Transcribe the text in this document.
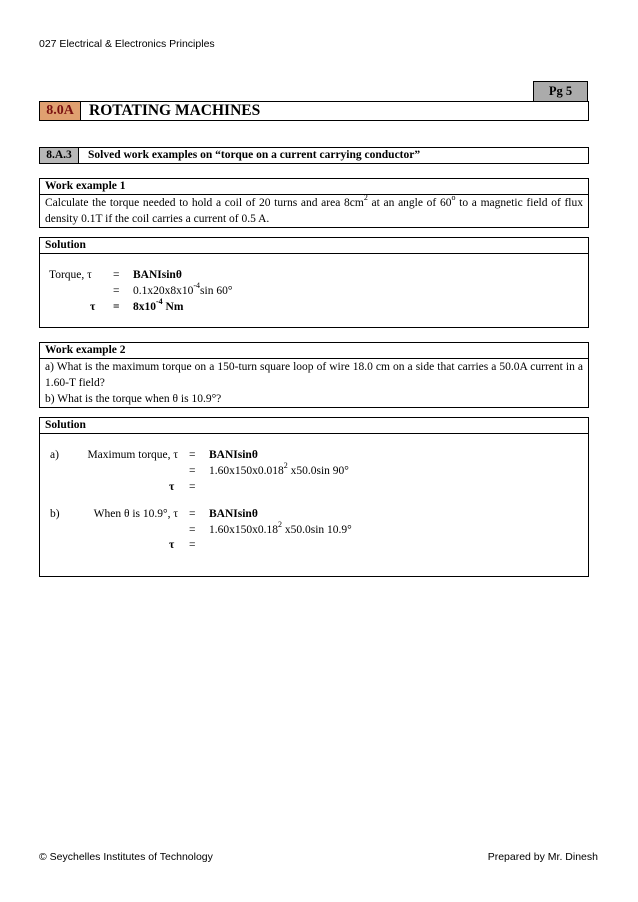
027 Electrical & Electronics Principles
Pg 5
8.0A ROTATING MACHINES
8.A.3	Solved work examples on “torque on a current carrying conductor”
Work example 1
Calculate the torque needed to hold a coil of 20 turns and area $8cm^2$ at an angle of 60$^o$ to a magnetic field of flux density 0.1T if the coil carries a current of 0.5 A.
Solution
Torque, τ = BANIsinθ
= $0.1x20x8x10^{-4}\sin$ 60°
$\tau = 8x10^{-4}$ Nm
Work example 2
a) What is the maximum torque on a 150-turn square loop of wire 18.0 cm on a side that carries a 50.0A current in a 1.60-T field?
b) What is the torque when θ is 10.9°?
Solution
a)	Maximum torque, τ = BANIsinθ
= $1.60x150x0.018^2$ x50.0sin 90°
τ =
b)	When θ is 10.9°, τ = BANIsinθ
= $1.60x150x0.18^2$ x50.0sin 10.9°
τ =
© Seychelles Institutes of Technology	Prepared by Mr. Dinesh
